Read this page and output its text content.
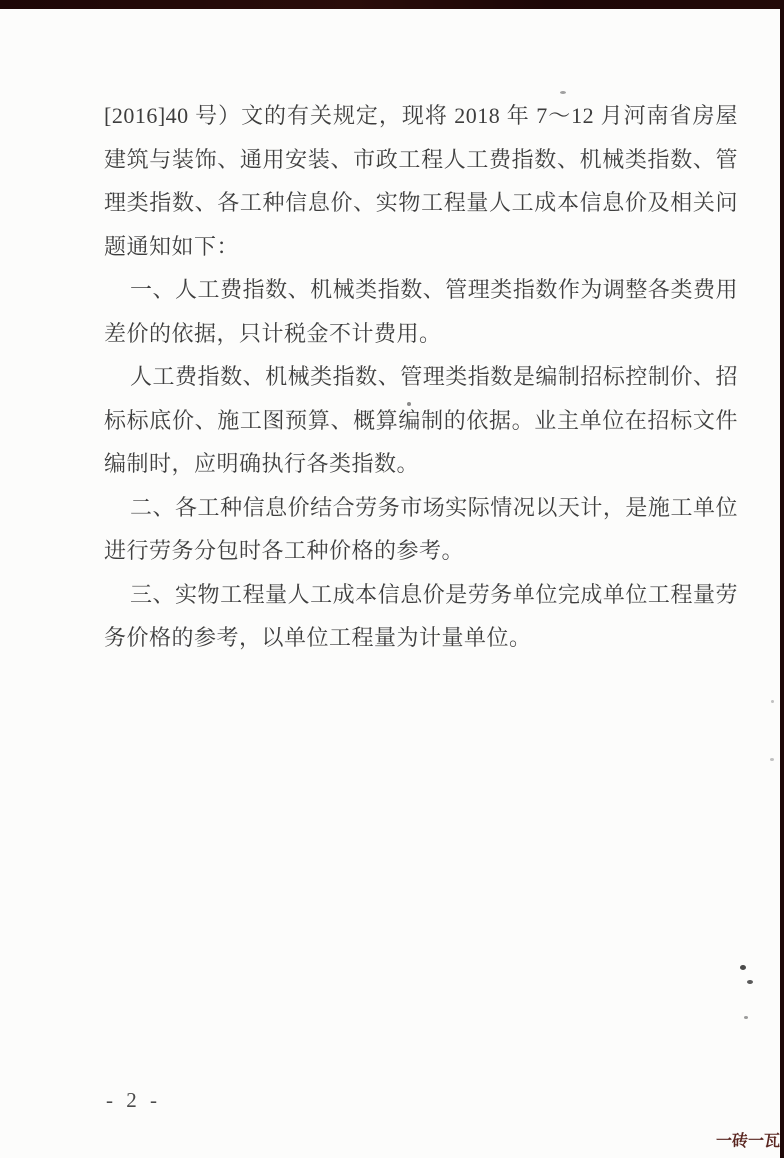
[2016]40 号）文的有关规定，现将 2018 年 7～12 月河南省房屋建筑与装饰、通用安装、市政工程人工费指数、机械类指数、管理类指数、各工种信息价、实物工程量人工成本信息价及相关问题通知如下：

一、人工费指数、机械类指数、管理类指数作为调整各类费用差价的依据，只计税金不计费用。

人工费指数、机械类指数、管理类指数是编制招标控制价、招标标底价、施工图预算、概算编制的依据。业主单位在招标文件编制时，应明确执行各类指数。

二、各工种信息价结合劳务市场实际情况以天计，是施工单位进行劳务分包时各工种价格的参考。

三、实物工程量人工成本信息价是劳务单位完成单位工程量劳务价格的参考，以单位工程量为计量单位。

- 2 -
一砖一瓦
